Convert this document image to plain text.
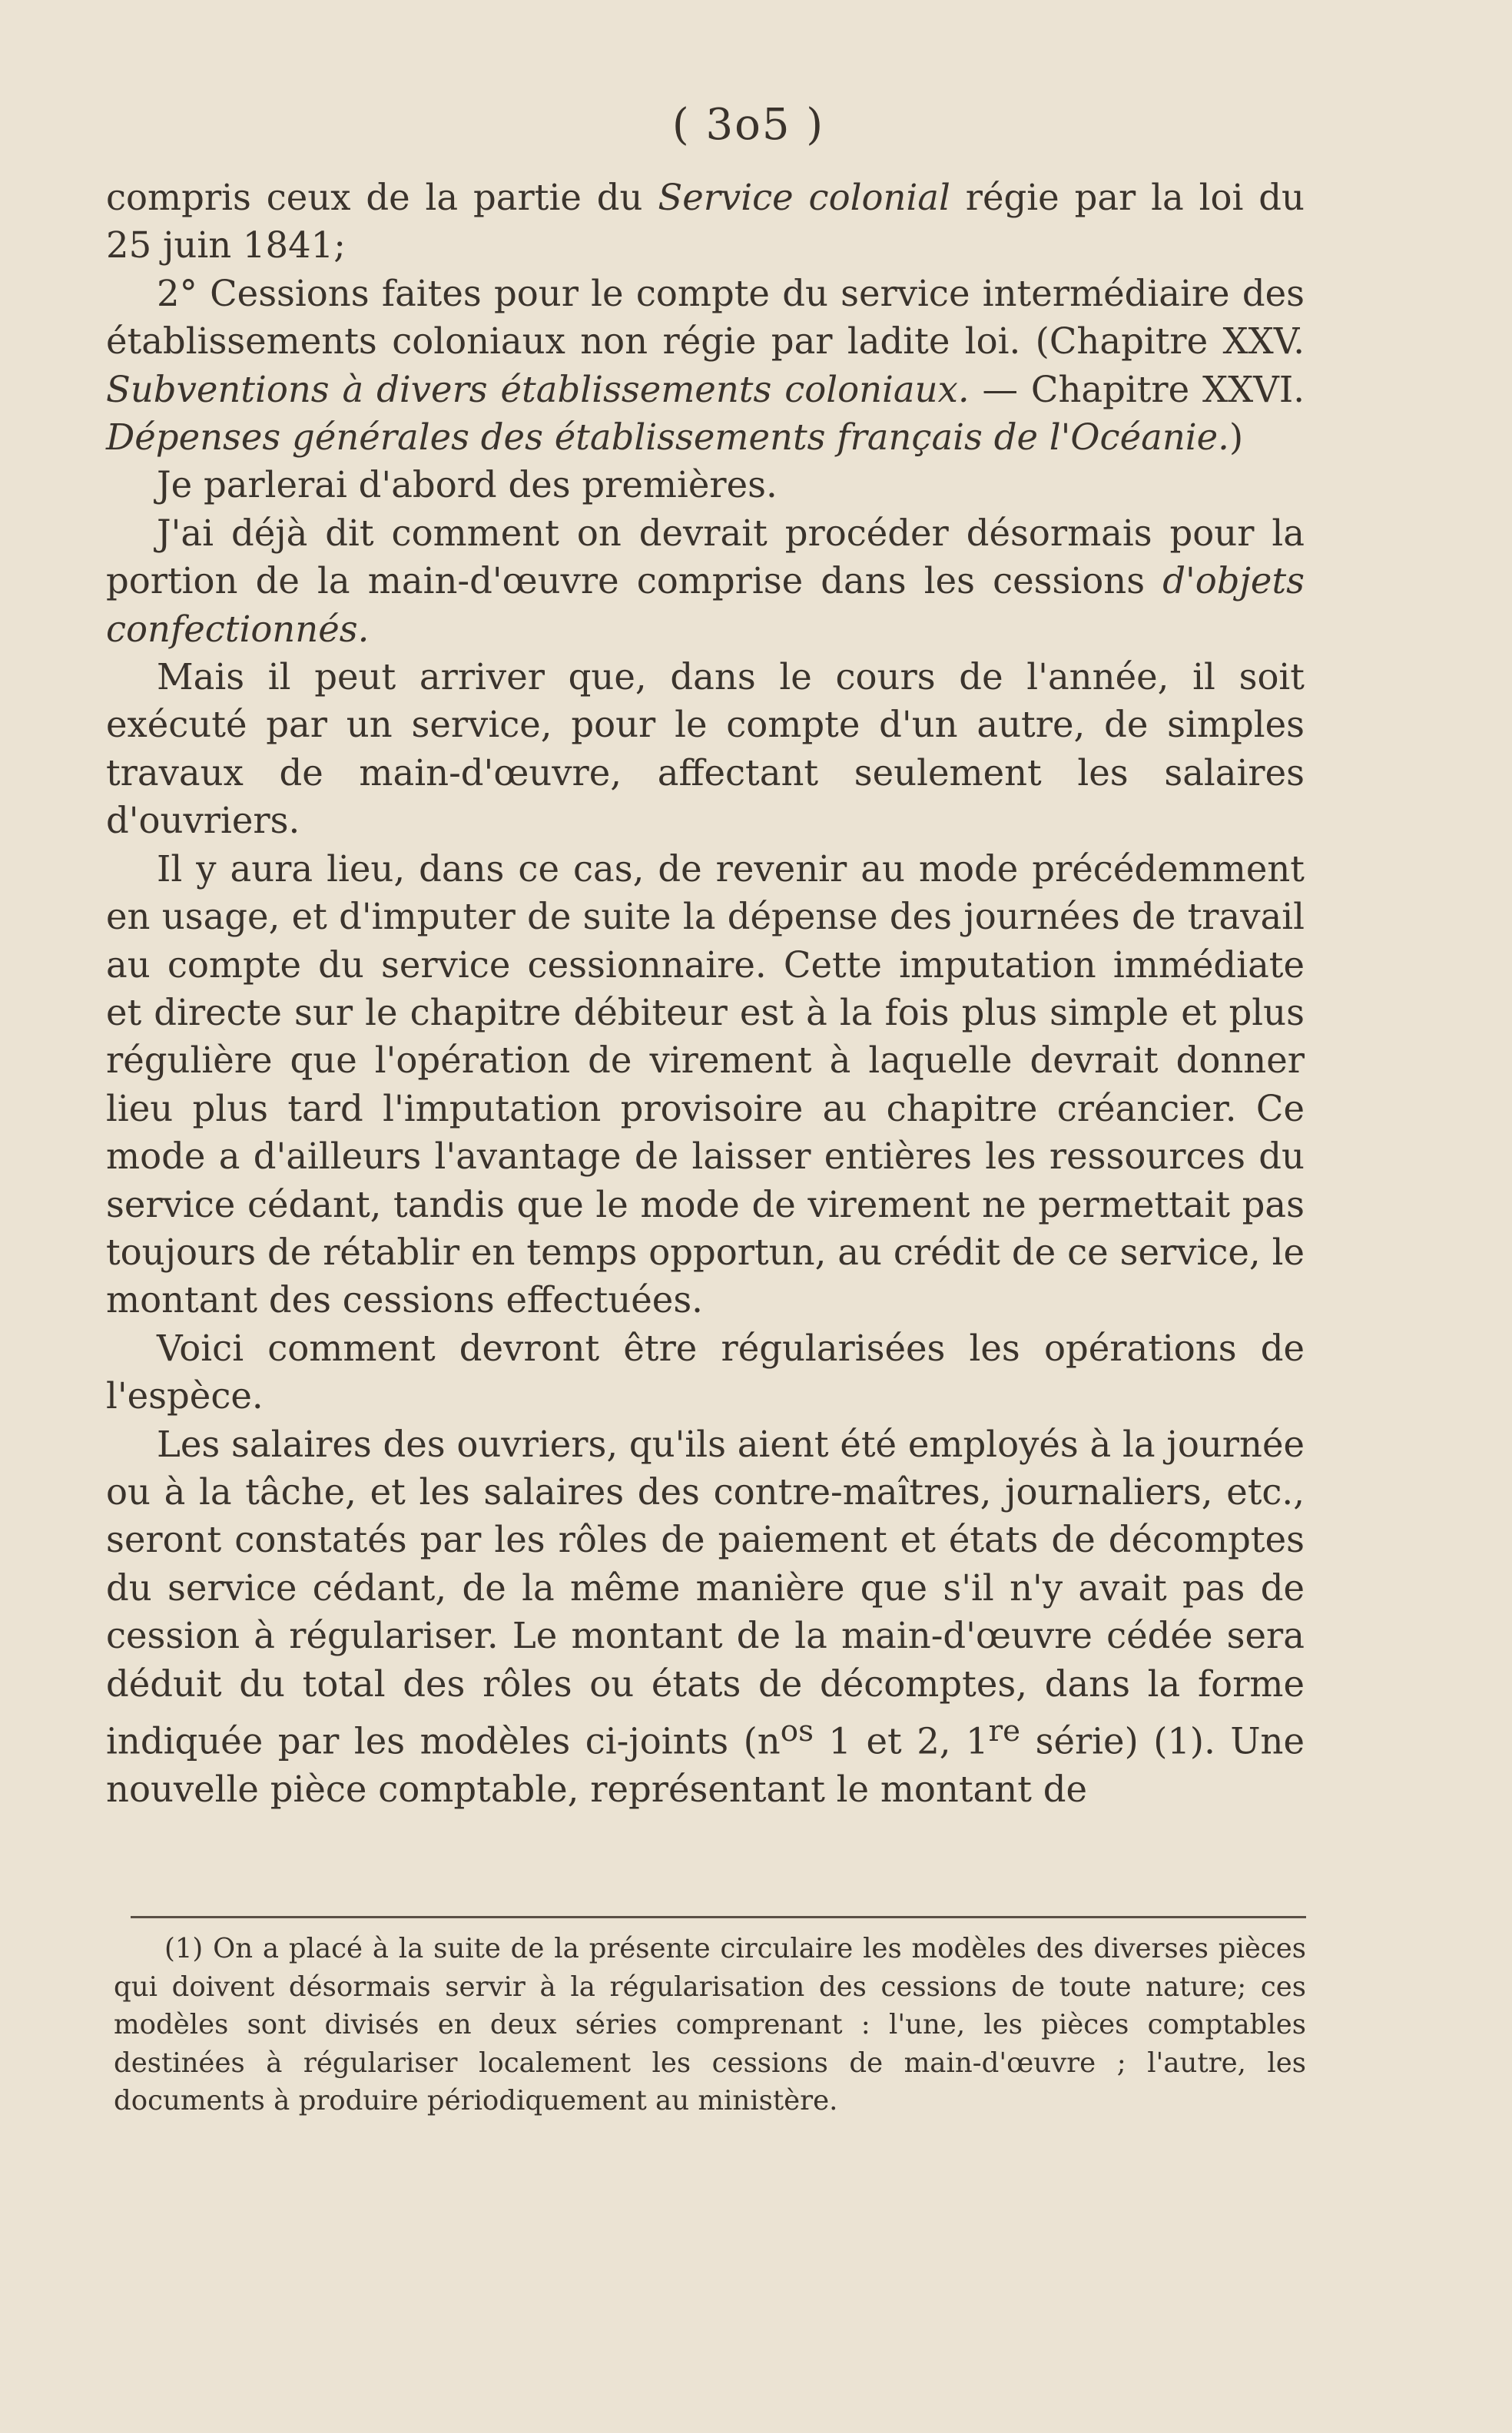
( 3o5 )

compris ceux de la partie du Service colonial régie par la loi du 25 juin 1841;

2° Cessions faites pour le compte du service intermédiaire des établissements coloniaux non régie par ladite loi. (Chapitre XXV. Subventions à divers établissements coloniaux. — Chapitre XXVI. Dépenses générales des établissements français de l'Océanie.)

Je parlerai d'abord des premières.

J'ai déjà dit comment on devrait procéder désormais pour la portion de la main-d'œuvre comprise dans les cessions d'objets confectionnés.

Mais il peut arriver que, dans le cours de l'année, il soit exécuté par un service, pour le compte d'un autre, de simples travaux de main-d'œuvre, affectant seulement les salaires d'ouvriers.

Il y aura lieu, dans ce cas, de revenir au mode précédemment en usage, et d'imputer de suite la dépense des journées de travail au compte du service cessionnaire. Cette imputation immédiate et directe sur le chapitre débiteur est à la fois plus simple et plus régulière que l'opération de virement à laquelle devrait donner lieu plus tard l'imputation provisoire au chapitre créancier. Ce mode a d'ailleurs l'avantage de laisser entières les ressources du service cédant, tandis que le mode de virement ne permettait pas toujours de rétablir en temps opportun, au crédit de ce service, le montant des cessions effectuées.

Voici comment devront être régularisées les opérations de l'espèce.

Les salaires des ouvriers, qu'ils aient été employés à la journée ou à la tâche, et les salaires des contre-maîtres, journaliers, etc., seront constatés par les rôles de paiement et états de décomptes du service cédant, de la même manière que s'il n'y avait pas de cession à régulariser. Le montant de la main-d'œuvre cédée sera déduit du total des rôles ou états de décomptes, dans la forme indiquée par les modèles ci-joints ($n^{os}$ 1 et 2, 1re série) (1). Une nouvelle pièce comptable, représentant le montant de

(1) On a placé à la suite de la présente circulaire les modèles des diverses pièces qui doivent désormais servir à la régularisation des cessions de toute nature; ces modèles sont divisés en deux séries comprenant : l'une, les pièces comptables destinées à régulariser localement les cessions de main-d'œuvre ; l'autre, les documents à produire périodiquement au ministère.
